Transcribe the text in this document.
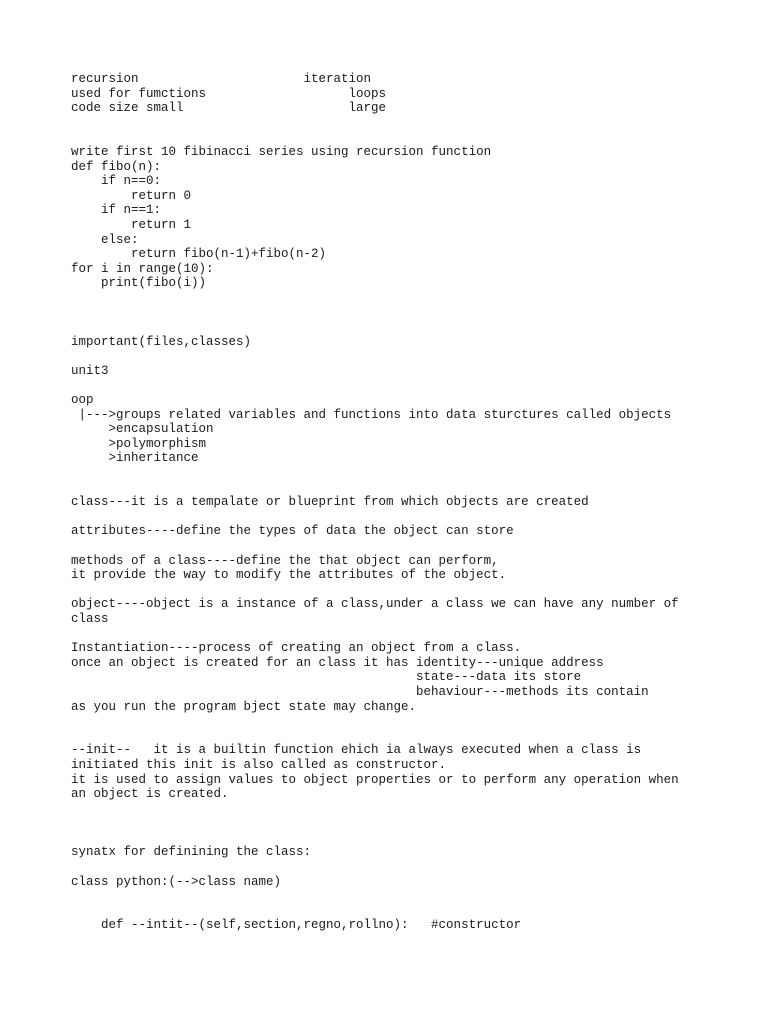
recursion                      iteration
used for fumctions                   loops
code size small                      large
write first 10 fibinacci series using recursion function
def fibo(n):
if n==0:
return 0
if n==1:
return 1
else:
return fibo(n-1)+fibo(n-2)
for i in range(10):
print(fibo(i))
important(files,classes)
unit3
oop
|--->groups related variables and functions into data sturctures called objects
>encapsulation
>polymorphism
>inheritance
class---it is a tempalate or blueprint from which objects are created
attributes----define the types of data the object can store
methods of a class----define the that object can perform,
it provide the way to modify the attributes of the object.
object----object is a instance of a class,under a class we can have any number of
class
Instantiation----process of creating an object from a class.
once an object is created for an class it has identity---unique address
state---data its store
behaviour---methods its contain
as you run the program bject state may change.
--init--   it is a builtin function ehich ia always executed when a class is
initiated this init is also called as constructor.
it is used to assign values to object properties or to perform any operation when
an object is created.
synatx for definining the class:
class python:(-->class name)
def --intit--(self,section,regno,rollno):   #constructor
